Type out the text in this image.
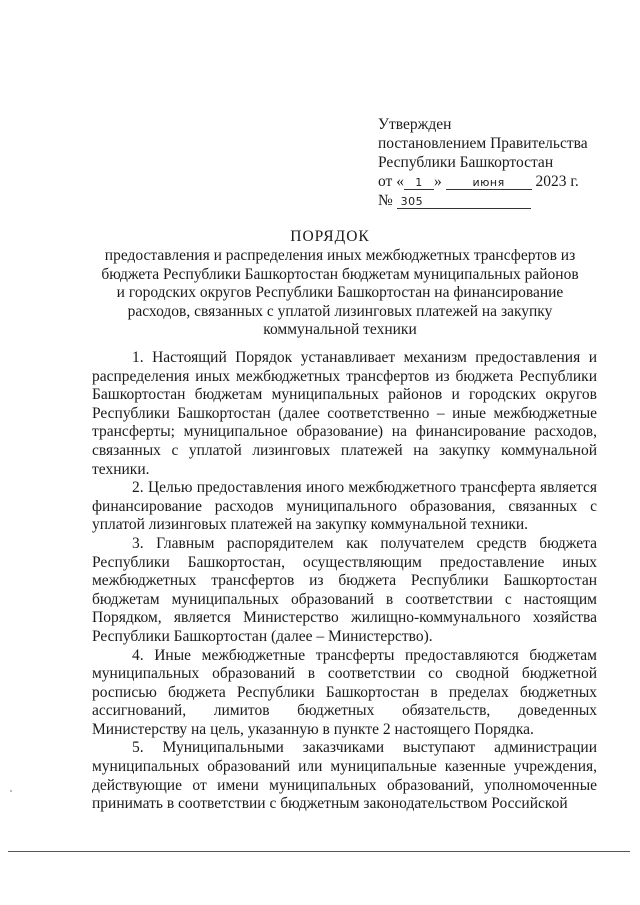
Утвержден
постановлением Правительства
Республики Башкортостан
от « 1 »	июня 2023 г.
№ 305
ПОРЯДОК
предоставления и распределения иных межбюджетных трансфертов из бюджета Республики Башкортостан бюджетам муниципальных районов и городских округов Республики Башкортостан на финансирование расходов, связанных с уплатой лизинговых платежей на закупку коммунальной техники

1. Настоящий Порядок устанавливает механизм предоставления и распределения иных межбюджетных трансфертов из бюджета Республики Башкортостан бюджетам муниципальных районов и городских округов Республики Башкортостан (далее соответственно – иные межбюджетные трансферты; муниципальное образование) на финансирование расходов, связанных с уплатой лизинговых платежей на закупку коммунальной техники.

2. Целью предоставления иного межбюджетного трансферта является финансирование расходов муниципального образования, связанных с уплатой лизинговых платежей на закупку коммунальной техники.

3. Главным распорядителем как получателем средств бюджета Республики Башкортостан, осуществляющим предоставление иных межбюджетных трансфертов из бюджета Республики Башкортостан бюджетам муниципальных образований в соответствии с настоящим Порядком, является Министерство жилищно-коммунального хозяйства Республики Башкортостан (далее – Министерство).

4. Иные межбюджетные трансферты предоставляются бюджетам муниципальных образований в соответствии со сводной бюджетной росписью бюджета Республики Башкортостан в пределах бюджетных ассигнований, лимитов бюджетных обязательств, доведенных Министерству на цель, указанную в пункте 2 настоящего Порядка.

5. Муниципальными заказчиками выступают администрации муниципальных образований или муниципальные казенные учреждения, действующие от имени муниципальных образований, уполномоченные принимать в соответствии с бюджетным законодательством Российской
